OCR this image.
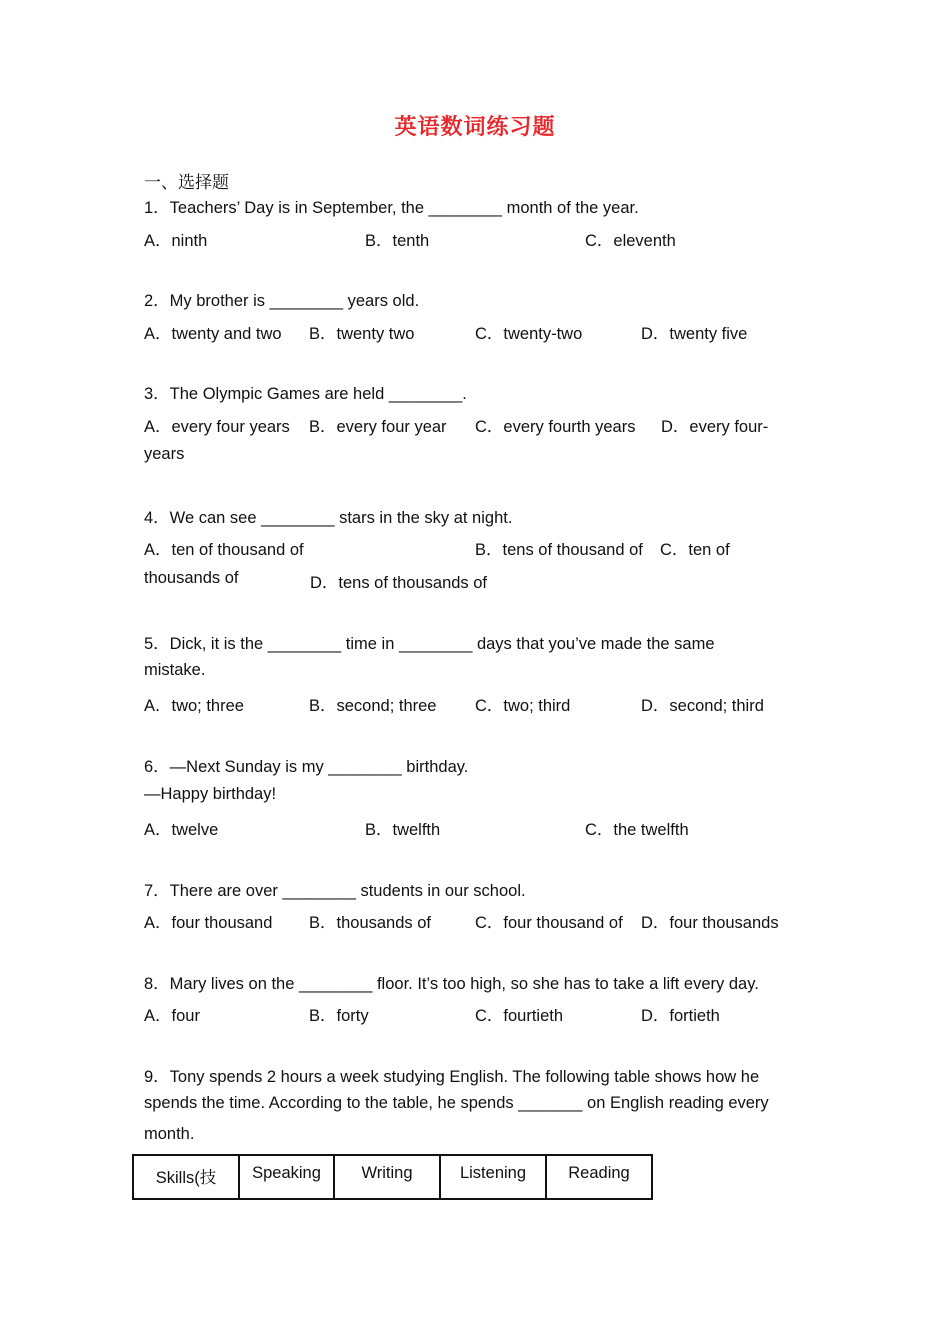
英语数词练习题
一、选择题
1．Teachers’ Day is in September, the ________ month of the year.
A．ninth	B．tenth	C．eleventh
2．My brother is ________ years old.
A．twenty and two B．twenty two	C．twenty-two	D．twenty five
3．The Olympic Games are held ________.
A．every four years B．every four year C．every fourth years D．every four-
years
4．We can see ________ stars in the sky at night.
A．ten of thousand of	B．tens of thousand of C．ten of
thousands of	D．tens of thousands of
5．Dick, it is the ________ time in ________ days that you’ve made the same
mistake.
A．two; three	B．second; three C．two; third	D．second; third
6．—Next Sunday is my ________ birthday.
—Happy birthday!
A．twelve	B．twelfth	C．the twelfth
7．There are over ________ students in our school.
A．four thousand B．thousands of	C．four thousand of D．four thousands
8．Mary lives on the ________ floor. It’s too high, so she has to take a lift every day.
A．four	B．forty	C．fourtieth	D．fortieth
9．Tony spends 2 hours a week studying English. The following table shows how he
spends the time. According to the table, he spends _______ on English reading every
month.
Skills(技	Speaking	Writing	Listening	Reading
